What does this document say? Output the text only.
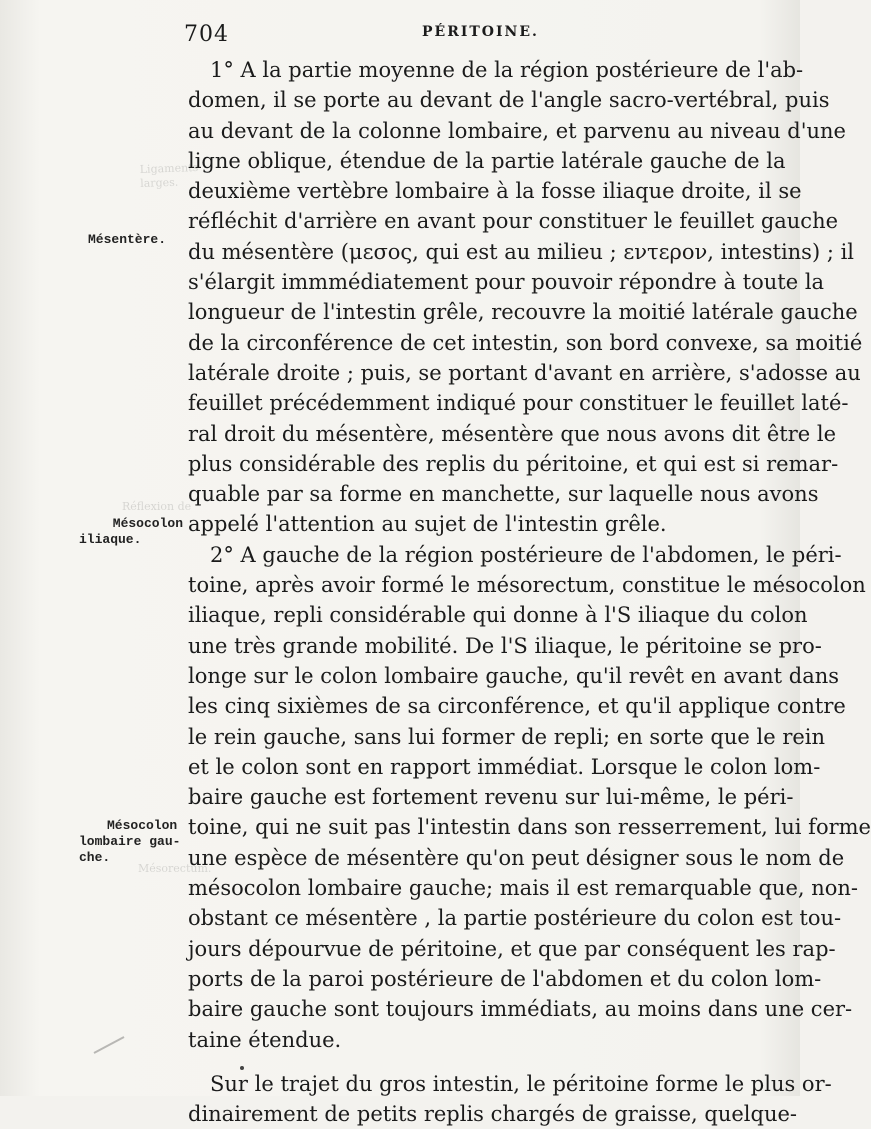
704	PÉRITOINE.
Ligaments
larges.
Réflexion de
Mésorectum.
Mésentère.
Mésocolon
iliaque.
Mésocolon
lombaire gau-
che.
1° A la partie moyenne de la région postérieure de l'ab-
domen, il se porte au devant de l'angle sacro-vertébral, puis
au devant de la colonne lombaire, et parvenu au niveau d'une
ligne oblique, étendue de la partie latérale gauche de la
deuxième vertèbre lombaire à la fosse iliaque droite, il se
réfléchit d'arrière en avant pour constituer le feuillet gauche
du mésentère (μεσος, qui est au milieu ; εντερον, intestins) ; il
s'élargit immmédiatement pour pouvoir répondre à toute la
longueur de l'intestin grêle, recouvre la moitié latérale gauche
de la circonférence de cet intestin, son bord convexe, sa moitié
latérale droite ; puis, se portant d'avant en arrière, s'adosse au
feuillet précédemment indiqué pour constituer le feuillet laté-
ral droit du mésentère, mésentère que nous avons dit être le
plus considérable des replis du péritoine, et qui est si remar-
quable par sa forme en manchette, sur laquelle nous avons
appelé l'attention au sujet de l'intestin grêle.
2° A gauche de la région postérieure de l'abdomen, le péri-
toine, après avoir formé le mésorectum, constitue le mésocolon
iliaque, repli considérable qui donne à l'S iliaque du colon
une très grande mobilité. De l'S iliaque, le péritoine se pro-
longe sur le colon lombaire gauche, qu'il revêt en avant dans
les cinq sixièmes de sa circonférence, et qu'il applique contre
le rein gauche, sans lui former de repli; en sorte que le rein
et le colon sont en rapport immédiat. Lorsque le colon lom-
baire gauche est fortement revenu sur lui-même, le péri-
toine, qui ne suit pas l'intestin dans son resserrement, lui forme
une espèce de mésentère qu'on peut désigner sous le nom de
mésocolon lombaire gauche; mais il est remarquable que, non-
obstant ce mésentère , la partie postérieure du colon est tou-
jours dépourvue de péritoine, et que par conséquent les rap-
ports de la paroi postérieure de l'abdomen et du colon lom-
baire gauche sont toujours immédiats, au moins dans une cer-
taine étendue.
Sur le trajet du gros intestin, le péritoine forme le plus or-
dinairement de petits replis chargés de graisse, quelque-
